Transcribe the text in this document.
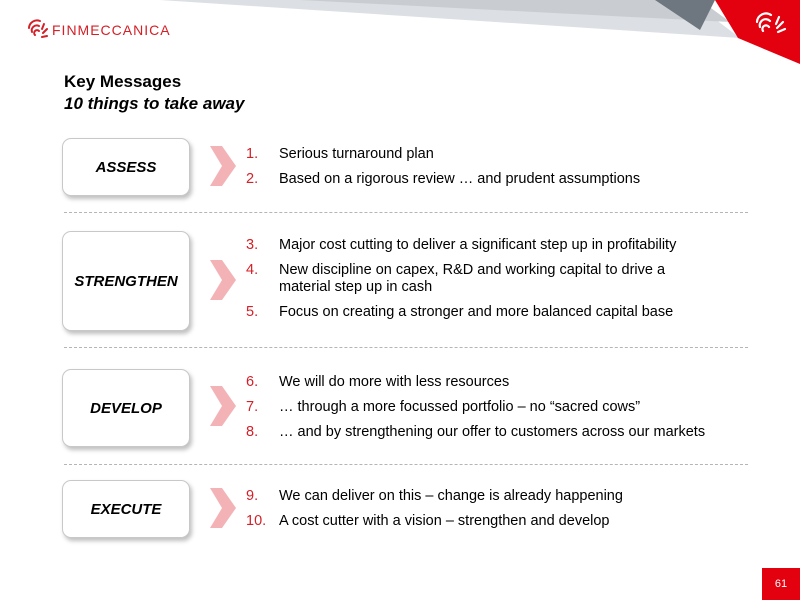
FINMECCANICA
Key Messages
10 things to take away
ASSESS
1.	Serious turnaround plan
2.	Based on a rigorous review … and prudent assumptions
STRENGTHEN
3.	Major cost cutting to deliver a significant step up in profitability
4.	New discipline on capex, R&D and working capital to drive a material step up in cash
5.	Focus on creating a stronger and more balanced capital base
DEVELOP
6.	We will do more with less resources
7.	… through a more focussed portfolio – no “sacred cows”
8.	… and by strengthening our offer to customers across our markets
EXECUTE
9.	We can deliver on this – change is already happening
10. A cost cutter with a vision – strengthen and develop
61
